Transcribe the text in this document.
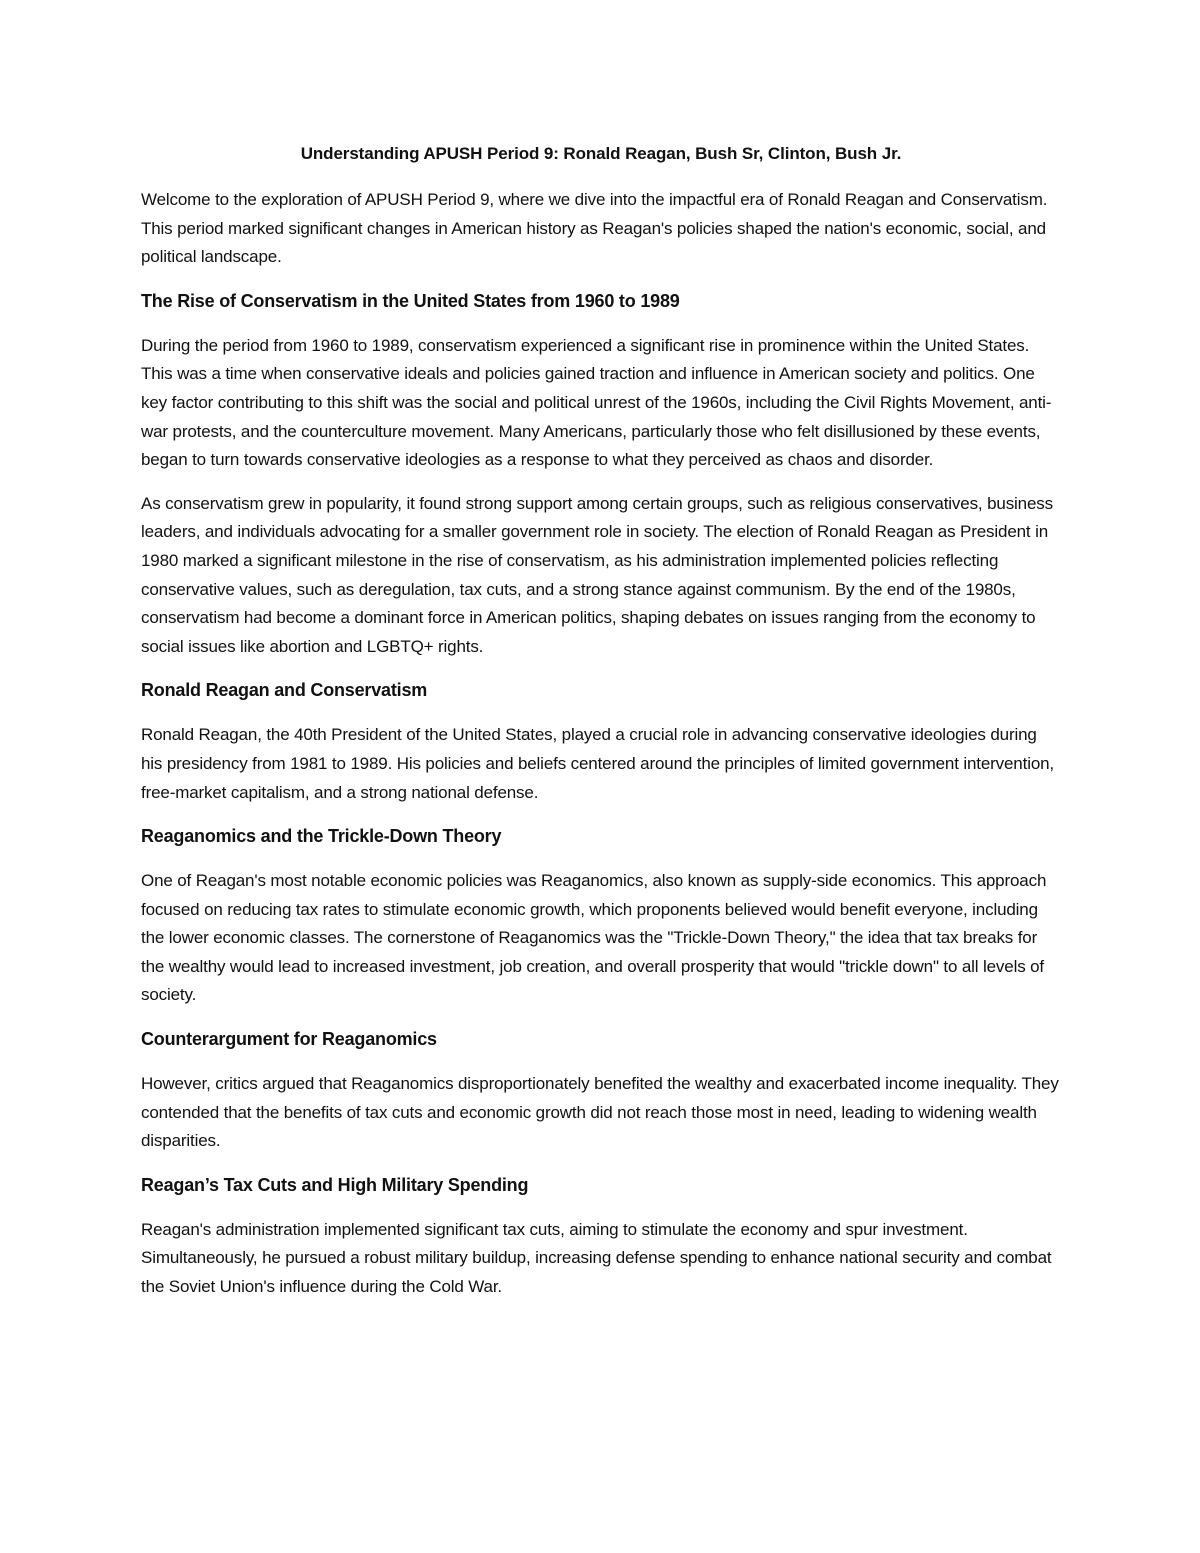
Understanding APUSH Period 9: Ronald Reagan, Bush Sr, Clinton, Bush Jr.

Welcome to the exploration of APUSH Period 9, where we dive into the impactful era of Ronald Reagan and Conservatism. This period marked significant changes in American history as Reagan's policies shaped the nation's economic, social, and political landscape.

The Rise of Conservatism in the United States from 1960 to 1989

During the period from 1960 to 1989, conservatism experienced a significant rise in prominence within the United States. This was a time when conservative ideals and policies gained traction and influence in American society and politics. One key factor contributing to this shift was the social and political unrest of the 1960s, including the Civil Rights Movement, anti-war protests, and the counterculture movement. Many Americans, particularly those who felt disillusioned by these events, began to turn towards conservative ideologies as a response to what they perceived as chaos and disorder.

As conservatism grew in popularity, it found strong support among certain groups, such as religious conservatives, business leaders, and individuals advocating for a smaller government role in society. The election of Ronald Reagan as President in 1980 marked a significant milestone in the rise of conservatism, as his administration implemented policies reflecting conservative values, such as deregulation, tax cuts, and a strong stance against communism. By the end of the 1980s, conservatism had become a dominant force in American politics, shaping debates on issues ranging from the economy to social issues like abortion and LGBTQ+ rights.

Ronald Reagan and Conservatism

Ronald Reagan, the 40th President of the United States, played a crucial role in advancing conservative ideologies during his presidency from 1981 to 1989. His policies and beliefs centered around the principles of limited government intervention, free-market capitalism, and a strong national defense.

Reaganomics and the Trickle-Down Theory

One of Reagan's most notable economic policies was Reaganomics, also known as supply-side economics. This approach focused on reducing tax rates to stimulate economic growth, which proponents believed would benefit everyone, including the lower economic classes. The cornerstone of Reaganomics was the "Trickle-Down Theory," the idea that tax breaks for the wealthy would lead to increased investment, job creation, and overall prosperity that would "trickle down" to all levels of society.

Counterargument for Reaganomics

However, critics argued that Reaganomics disproportionately benefited the wealthy and exacerbated income inequality. They contended that the benefits of tax cuts and economic growth did not reach those most in need, leading to widening wealth disparities.

Reagan’s Tax Cuts and High Military Spending

Reagan's administration implemented significant tax cuts, aiming to stimulate the economy and spur investment. Simultaneously, he pursued a robust military buildup, increasing defense spending to enhance national security and combat the Soviet Union's influence during the Cold War.
